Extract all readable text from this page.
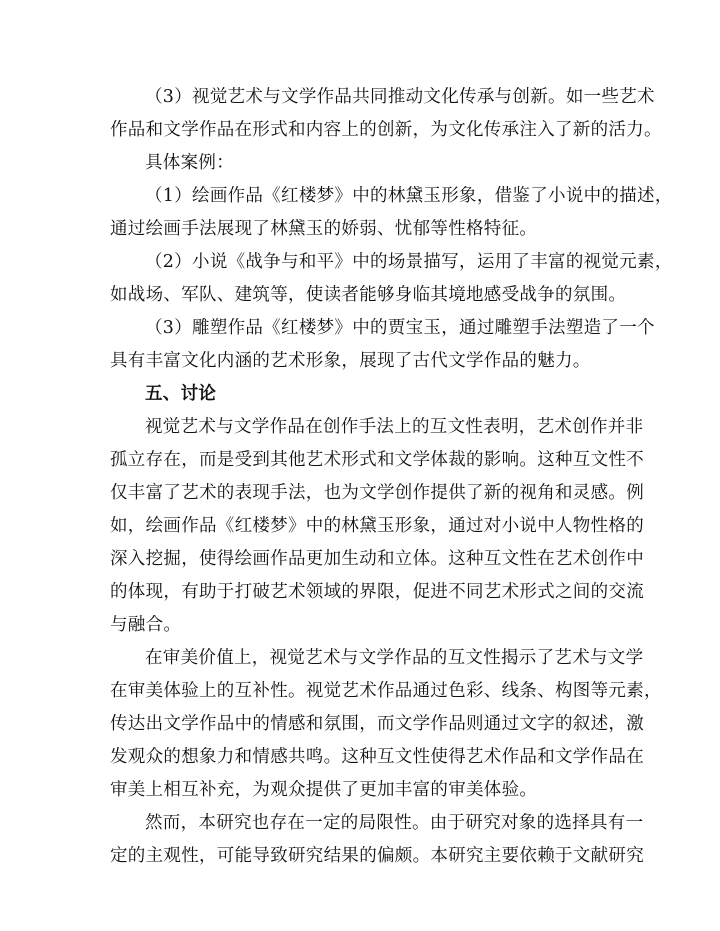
（3）视觉艺术与文学作品共同推动文化传承与创新。如一些艺术
作品和文学作品在形式和内容上的创新，为文化传承注入了新的活力。
具体案例：
（1）绘画作品《红楼梦》中的林黛玉形象，借鉴了小说中的描述，
通过绘画手法展现了林黛玉的娇弱、忧郁等性格特征。
（2）小说《战争与和平》中的场景描写，运用了丰富的视觉元素，
如战场、军队、建筑等，使读者能够身临其境地感受战争的氛围。
（3）雕塑作品《红楼梦》中的贾宝玉，通过雕塑手法塑造了一个
具有丰富文化内涵的艺术形象，展现了古代文学作品的魅力。
五、讨论
视觉艺术与文学作品在创作手法上的互文性表明，艺术创作并非
孤立存在，而是受到其他艺术形式和文学体裁的影响。这种互文性不
仅丰富了艺术的表现手法，也为文学创作提供了新的视角和灵感。例
如，绘画作品《红楼梦》中的林黛玉形象，通过对小说中人物性格的
深入挖掘，使得绘画作品更加生动和立体。这种互文性在艺术创作中
的体现，有助于打破艺术领域的界限，促进不同艺术形式之间的交流
与融合。
在审美价值上，视觉艺术与文学作品的互文性揭示了艺术与文学
在审美体验上的互补性。视觉艺术作品通过色彩、线条、构图等元素，
传达出文学作品中的情感和氛围，而文学作品则通过文字的叙述，激
发观众的想象力和情感共鸣。这种互文性使得艺术作品和文学作品在
审美上相互补充，为观众提供了更加丰富的审美体验。
然而，本研究也存在一定的局限性。由于研究对象的选择具有一
定的主观性，可能导致研究结果的偏颇。本研究主要依赖于文献研究
